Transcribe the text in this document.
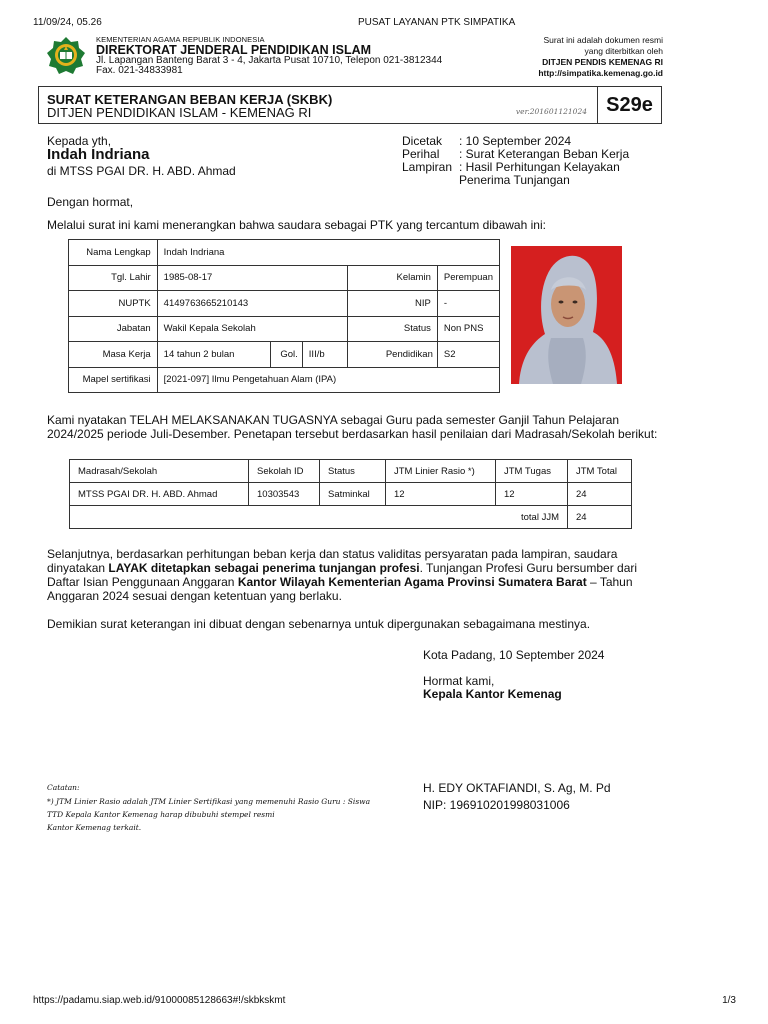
11/09/24, 05.26	PUSAT LAYANAN PTK SIMPATIKA
KEMENTERIAN AGAMA REPUBLIK INDONESIA
DIREKTORAT JENDERAL PENDIDIKAN ISLAM
Jl. Lapangan Banteng Barat 3 - 4, Jakarta Pusat 10710, Telepon 021-3812344
Fax. 021-34833981
Surat ini adalah dokumen resmi
yang diterbitkan oleh
DITJEN PENDIS KEMENAG RI
http://simpatika.kemenag.go.id
SURAT KETERANGAN BEBAN KERJA (SKBK)
DITJEN PENDIDIKAN ISLAM - KEMENAG RI	ver.201601121024 S29e
Kepada yth,
Indah Indriana
di MTSS PGAI DR. H. ABD. Ahmad
Dicetak : 10 September 2024
Perihal : Surat Keterangan Beban Kerja
Lampiran : Hasil Perhitungan Kelayakan
Penerima Tunjangan
Dengan hormat,
Melalui surat ini kami menerangkan bahwa saudara sebagai PTK yang tercantum dibawah ini:
Nama Lengkap	Indah Indriana					
Tgl. Lahir	1985-08-17			Kelamin	Perempuan	
NUPTK	4149763665210143			NIP	-	
Jabatan	Wakil Kepala Sekolah			Status	Non PNS	
Masa Kerja	14 tahun 2 bulan	Gol.	III/b	Pendidikan	S2	
Mapel sertifikasi	[2021-097] Ilmu Pengetahuan Alam (IPA)					
Kami nyatakan TELAH MELAKSANAKAN TUGASNYA sebagai Guru pada semester Ganjil Tahun Pelajaran 2024/2025 periode Juli-Desember. Penetapan tersebut berdasarkan hasil penilaian dari Madrasah/Sekolah berikut:
Madrasah/Sekolah	Sekolah ID	Status	JTM Linier Rasio *)	JTM Tugas	JTM Total
MTSS PGAI DR. H. ABD. Ahmad	10303543	Satminkal	12	12	24
total JJM					24
Selanjutnya, berdasarkan perhitungan beban kerja dan status validitas persyaratan pada lampiran, saudara dinyatakan LAYAK ditetapkan sebagai penerima tunjangan profesi. Tunjangan Profesi Guru bersumber dari Daftar Isian Penggunaan Anggaran Kantor Wilayah Kementerian Agama Provinsi Sumatera Barat – Tahun Anggaran 2024 sesuai dengan ketentuan yang berlaku.
Demikian surat keterangan ini dibuat dengan sebenarnya untuk dipergunakan sebagaimana mestinya.
Kota Padang, 10 September 2024
Hormat kami,
Kepala Kantor Kemenag
H. EDY OKTAFIANDI, S. Ag, M. Pd
NIP: 196910201998031006
Catatan:
*) JTM Linier Rasio adalah JTM Linier Sertifikasi yang memenuhi Rasio Guru : Siswa
TTD Kepala Kantor Kemenag harap dibubuhi stempel resmi
Kantor Kemenag terkait.
https://padamu.siap.web.id/91000085128663#!/skbkskmt	1/3
